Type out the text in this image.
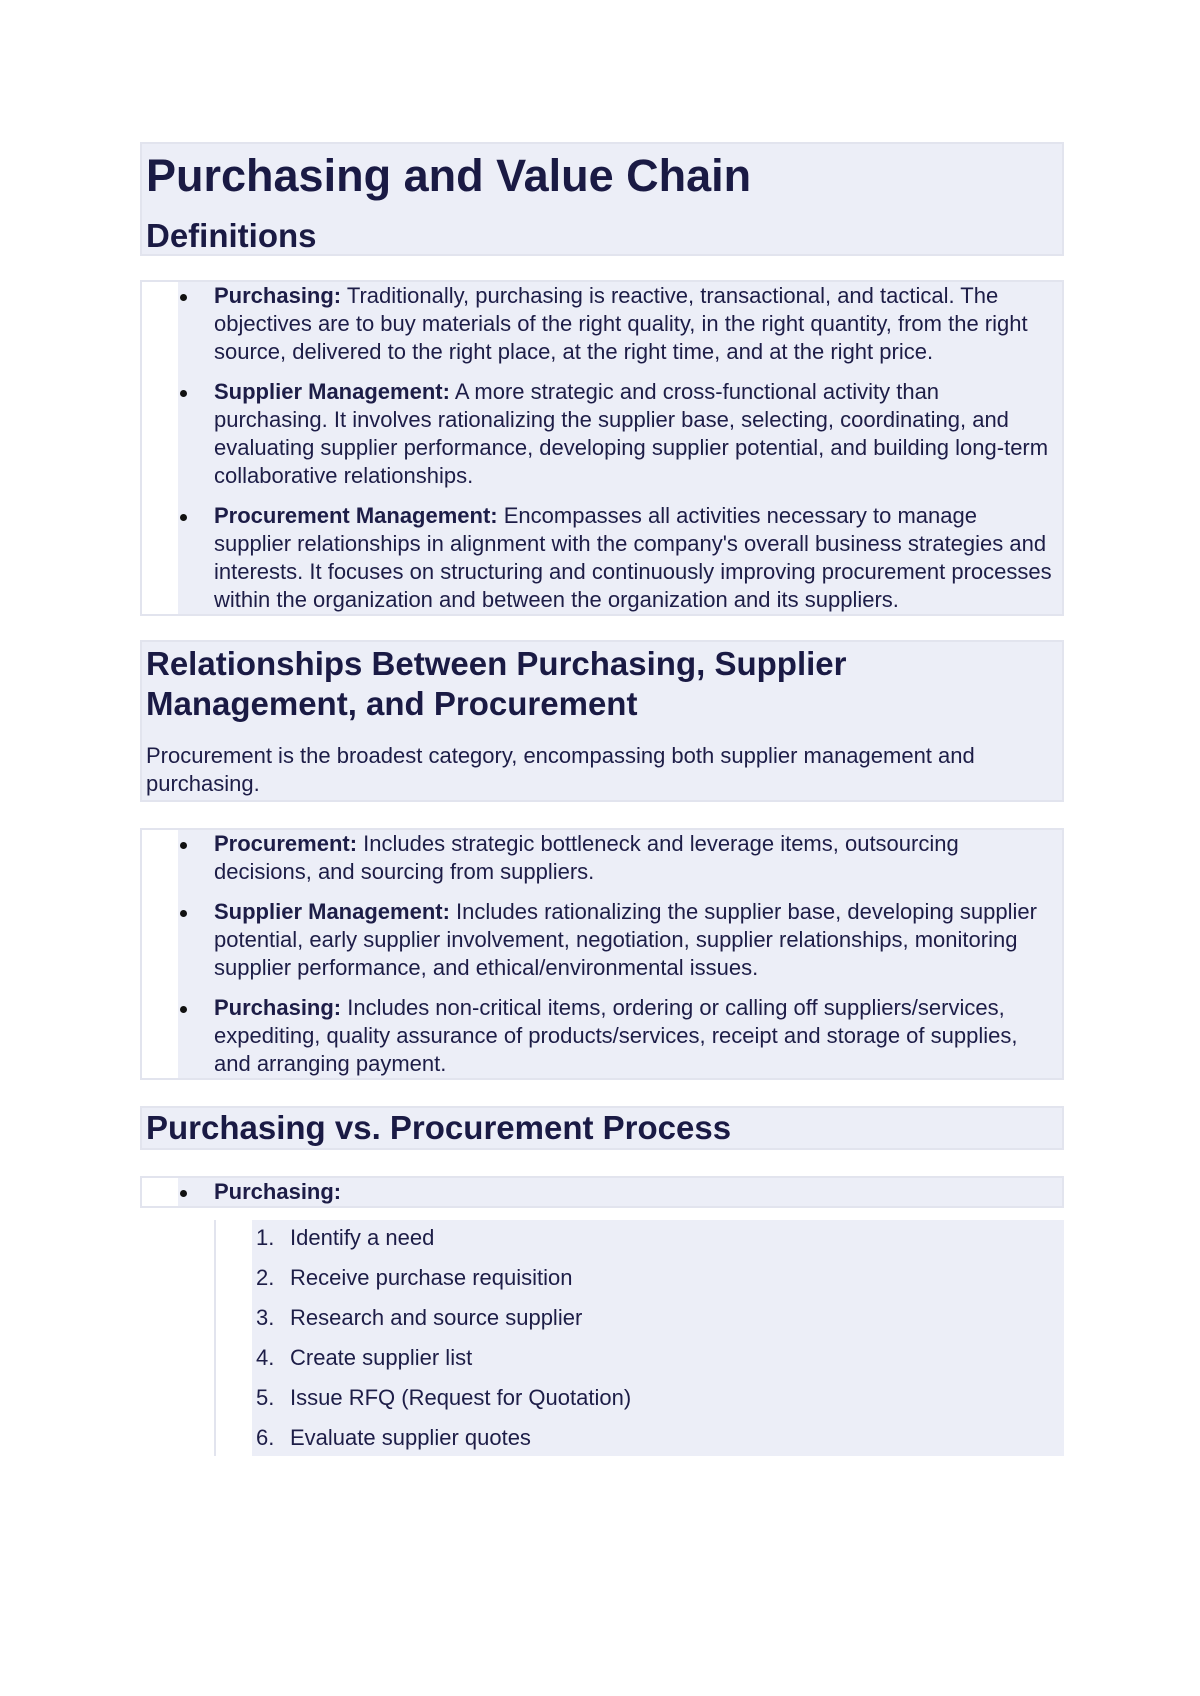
Purchasing and Value Chain
Definitions
Purchasing: Traditionally, purchasing is reactive, transactional, and tactical. The objectives are to buy materials of the right quality, in the right quantity, from the right source, delivered to the right place, at the right time, and at the right price.
Supplier Management: A more strategic and cross-functional activity than purchasing. It involves rationalizing the supplier base, selecting, coordinating, and evaluating supplier performance, developing supplier potential, and building long-term collaborative relationships.
Procurement Management: Encompasses all activities necessary to manage supplier relationships in alignment with the company's overall business strategies and interests. It focuses on structuring and continuously improving procurement processes within the organization and between the organization and its suppliers.
Relationships Between Purchasing, Supplier Management, and Procurement
Procurement is the broadest category, encompassing both supplier management and purchasing.
Procurement: Includes strategic bottleneck and leverage items, outsourcing decisions, and sourcing from suppliers.
Supplier Management: Includes rationalizing the supplier base, developing supplier potential, early supplier involvement, negotiation, supplier relationships, monitoring supplier performance, and ethical/environmental issues.
Purchasing: Includes non-critical items, ordering or calling off suppliers/services, expediting, quality assurance of products/services, receipt and storage of supplies, and arranging payment.
Purchasing vs. Procurement Process
Purchasing:
1. Identify a need
2. Receive purchase requisition
3. Research and source supplier
4. Create supplier list
5. Issue RFQ (Request for Quotation)
6. Evaluate supplier quotes
